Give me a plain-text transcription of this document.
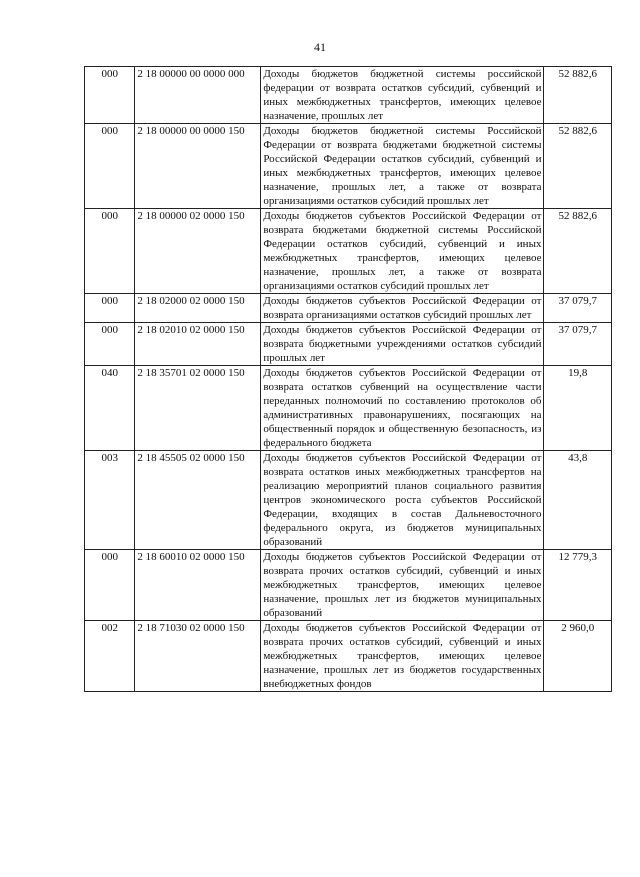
41
000	2 18 00000 00 0000 000	Доходы бюджетов бюджетной системы российской федерации от возврата остатков субсидий, субвенций и иных межбюджетных трансфертов, имеющих целевое назначение, прошлых лет	52 882,6
000	2 18 00000 00 0000 150	Доходы бюджетов бюджетной системы Российской Федерации от возврата бюджетами бюджетной системы Российской Федерации остатков субсидий, субвенций и иных межбюджетных трансфертов, имеющих целевое назначение, прошлых лет, а также от возврата организациями остатков субсидий прошлых лет	52 882,6
000	2 18 00000 02 0000 150	Доходы бюджетов субъектов Российской Федерации от возврата бюджетами бюджетной системы Российской Федерации остатков субсидий, субвенций и иных межбюджетных трансфертов, имеющих целевое назначение, прошлых лет, а также от возврата организациями остатков субсидий прошлых лет	52 882,6
000	2 18 02000 02 0000 150	Доходы бюджетов субъектов Российской Федерации от возврата организациями остатков субсидий прошлых лет	37 079,7
000	2 18 02010 02 0000 150	Доходы бюджетов субъектов Российской Федерации от возврата бюджетными учреждениями остатков субсидий прошлых лет	37 079,7
040	2 18 35701 02 0000 150	Доходы бюджетов субъектов Российской Федерации от возврата остатков субвенций на осуществление части переданных полномочий по составлению протоколов об административных правонарушениях, посягающих на общественный порядок и общественную безопасность, из федерального бюджета	19,8
003	2 18 45505 02 0000 150	Доходы бюджетов субъектов Российской Федерации от возврата остатков иных межбюджетных трансфертов на реализацию мероприятий планов социального развития центров экономического роста субъектов Российской Федерации, входящих в состав Дальневосточного федерального округа, из бюджетов муниципальных образований	43,8
000	2 18 60010 02 0000 150	Доходы бюджетов субъектов Российской Федерации от возврата прочих остатков субсидий, субвенций и иных межбюджетных трансфертов, имеющих целевое назначение, прошлых лет из бюджетов муниципальных образований	12 779,3
002	2 18 71030 02 0000 150	Доходы бюджетов субъектов Российской Федерации от возврата прочих остатков субсидий, субвенций и иных межбюджетных трансфертов, имеющих целевое назначение, прошлых лет из бюджетов государственных внебюджетных фондов	2 960,0
